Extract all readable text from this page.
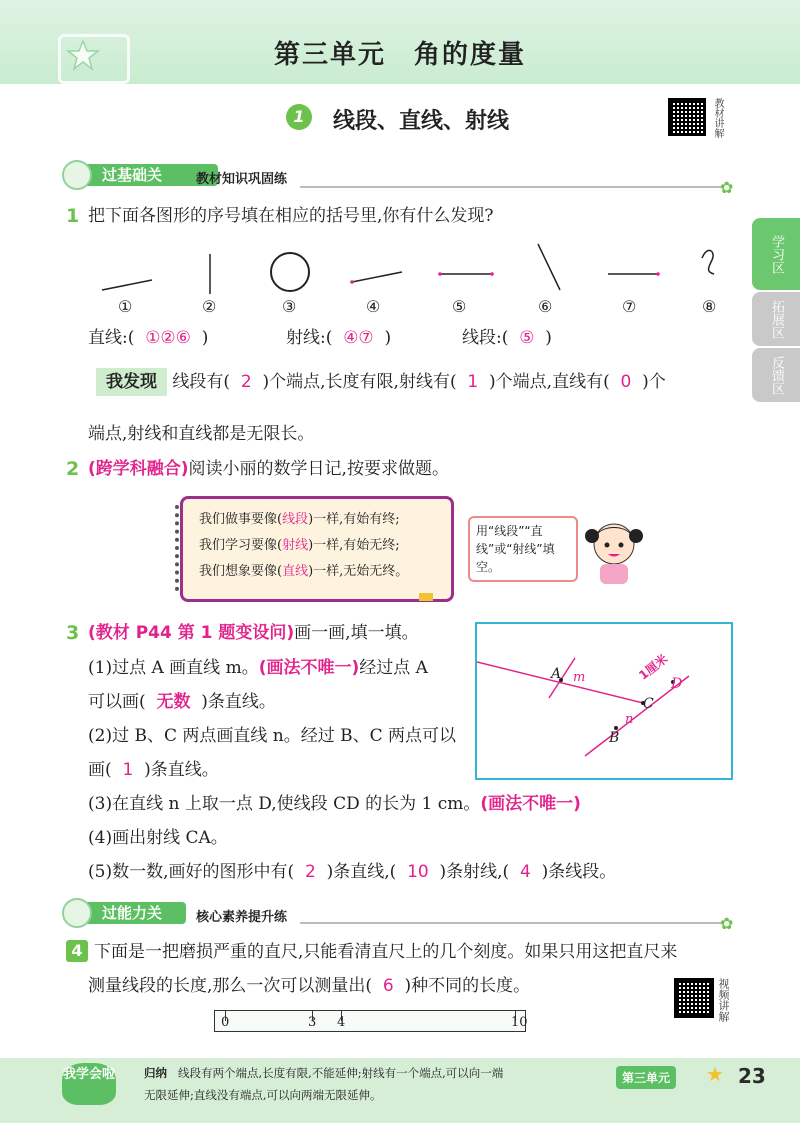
第三单元　角的度量
1	线段、直线、射线	教材讲解
学习区
拓展区
反馈区
过基础关	教材知识巩固练	✿
1 把下面各图形的序号填在相应的括号里,你有什么发现?
①	②	③	④	⑤	⑥	⑦	⑧
直线:( ①②⑥ )	射线:( ④⑦ )	线段:( ⑤ )
我发现 线段有( 2 )个端点,长度有限,射线有( 1 )个端点,直线有( 0 )个
端点,射线和直线都是无限长。
2 (跨学科融合)阅读小丽的数学日记,按要求做题。
我们做事要像(线段)一样,有始有终;
我们学习要像(射线)一样,有始无终;
我们想象要像(直线)一样,无始无终。
用“线段”“直线”或“射线”填空。
3 (教材 P44 第 1 题变设问)画一画,填一填。
(1)过点 A 画直线 m。(画法不唯一)经过点 A
可以画( 无数 )条直线。
(2)过 B、C 两点画直线 n。经过 B、C 两点可以
画( 1 )条直线。
(3)在直线 n 上取一点 D,使线段 CD 的长为 1 cm。(画法不唯一)
(4)画出射线 CA。
(5)数一数,画好的图形中有( 2 )条直线,( 10 )条射线,( 4 )条线段。
A m
C
D
n
B
1厘米
过能力关	核心素养提升练	✿
4 下面是一把磨损严重的直尺,只能看清直尺上的几个刻度。如果只用这把直尺来
测量线段的长度,那么一次可以测量出( 6 )种不同的长度。	视频讲解
0	3 4	10
我学会啦	归纳 线段有两个端点,长度有限,不能延伸;射线有一个端点,可以向一端
无限延伸;直线没有端点,可以向两端无限延伸。
第三单元	★ 23
